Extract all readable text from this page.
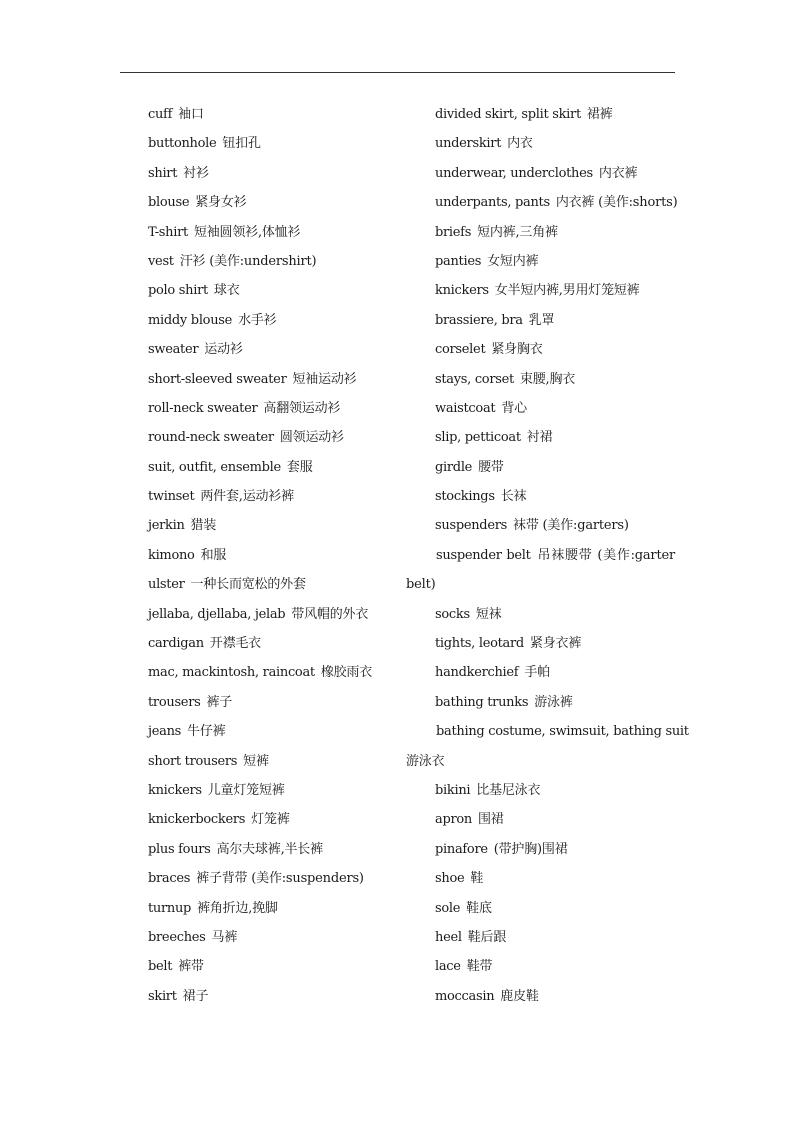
cuff 袖口
buttonhole 钮扣孔
shirt 衬衫
blouse 紧身女衫
T-shirt 短袖圆领衫,体恤衫
vest 汗衫 (美作:undershirt)
polo shirt 球衣
middy blouse 水手衫
sweater 运动衫
short-sleeved sweater 短袖运动衫
roll-neck sweater 高翻领运动衫
round-neck sweater 圆领运动衫
suit, outfit, ensemble 套服
twinset 两件套,运动衫裤
jerkin 猎装
kimono 和服
ulster 一种长而宽松的外套
jellaba, djellaba, jelab 带风帽的外衣
cardigan 开襟毛衣
mac, mackintosh, raincoat 橡胶雨衣
trousers 裤子
jeans 牛仔裤
short trousers 短裤
knickers 儿童灯笼短裤
knickerbockers 灯笼裤
plus fours 高尔夫球裤,半长裤
braces 裤子背带 (美作:suspenders)
turnup 裤角折边,挽脚
breeches 马裤
belt 裤带
skirt 裙子
divided skirt, split skirt 裙裤
underskirt 内衣
underwear, underclothes 内衣裤
underpants, pants 内衣裤 (美作:shorts)
briefs 短内裤,三角裤
panties 女短内裤
knickers 女半短内裤,男用灯笼短裤
brassiere, bra 乳罩
corselet 紧身胸衣
stays, corset 束腰,胸衣
waistcoat 背心
slip, petticoat 衬裙
girdle 腰带
stockings 长袜
suspenders 袜带 (美作:garters)
suspender belt 吊袜腰带 (美作:garter
belt)
socks 短袜
tights, leotard 紧身衣裤
handkerchief 手帕
bathing trunks 游泳裤
bathing costume, swimsuit, bathing suit
游泳衣
bikini 比基尼泳衣
apron 围裙
pinafore (带护胸)围裙
shoe 鞋
sole 鞋底
heel 鞋后跟
lace 鞋带
moccasin 鹿皮鞋
